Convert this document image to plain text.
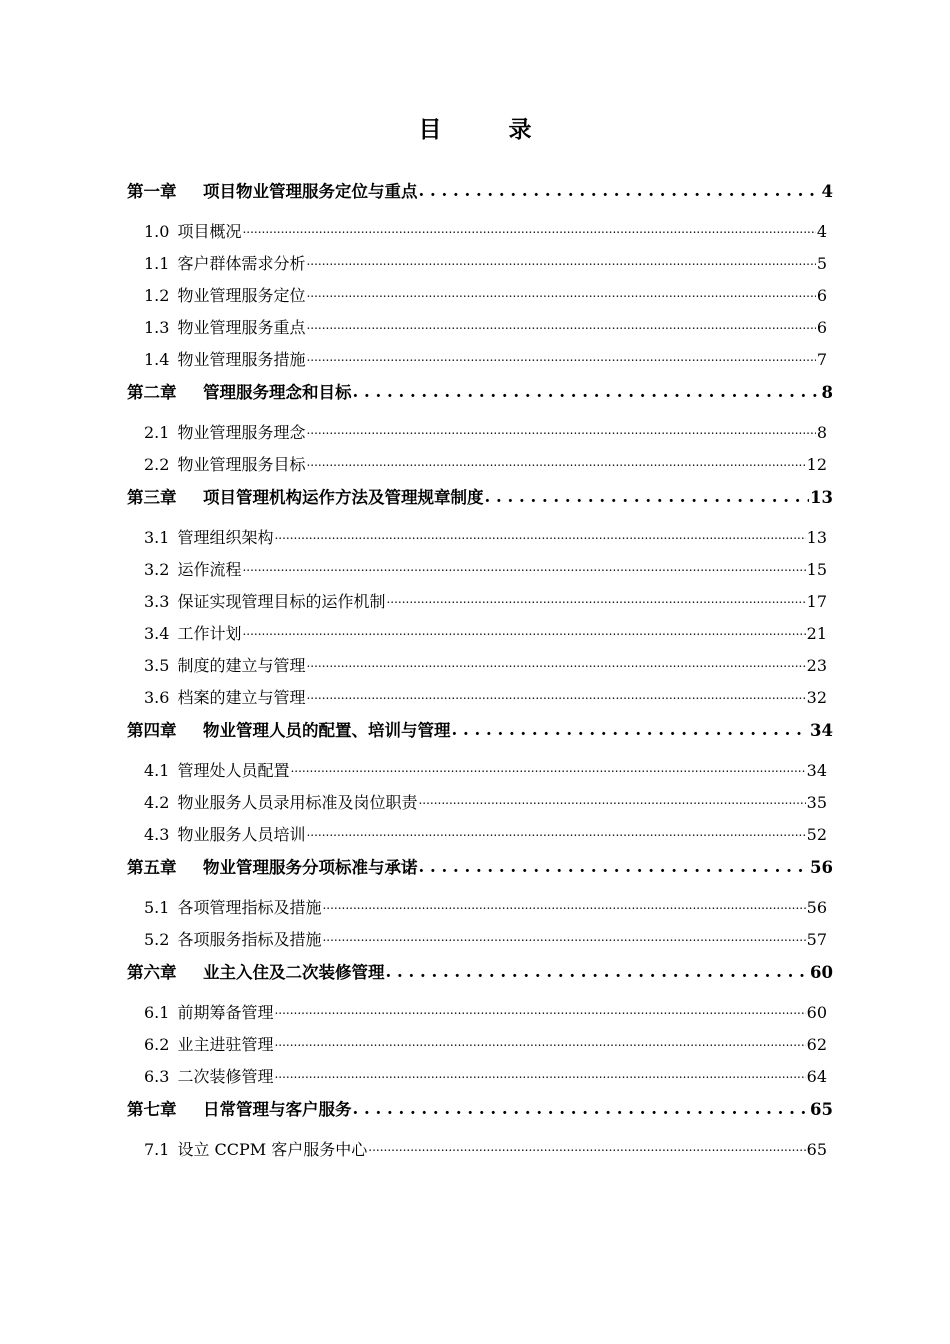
目　录
第一章	项目物业管理服务定位与重点 . . .	4
1.0 项目概况 .....	4
1.1 客户群体需求分析 .....	5
1.2 物业管理服务定位 .....	6
1.3 物业管理服务重点 .....	6
1.4 物业管理服务措施 .....	7
第二章	管理服务理念和目标 . . .	8
2.1 物业管理服务理念 .....	8
2.2 物业管理服务目标 .....	12
第三章	项目管理机构运作方法及管理规章制度 . . .	13
3.1 管理组织架构 .....	13
3.2 运作流程 .....	15
3.3 保证实现管理目标的运作机制 .....	17
3.4 工作计划 .....	21
3.5 制度的建立与管理 .....	23
3.6 档案的建立与管理 .....	32
第四章	物业管理人员的配置、培训与管理 . . .	34
4.1 管理处人员配置 .....	34
4.2 物业服务人员录用标准及岗位职责 .....	35
4.3 物业服务人员培训 .....	52
第五章	物业管理服务分项标准与承诺 . . .	56
5.1 各项管理指标及措施 .....	56
5.2 各项服务指标及措施 .....	57
第六章	业主入住及二次装修管理 . . .	60
6.1 前期筹备管理 .....	60
6.2 业主进驻管理 .....	62
6.3 二次装修管理 .....	64
第七章	日常管理与客户服务 . . .	65
7.1 设立 CCPM 客户服务中心 .....	65
